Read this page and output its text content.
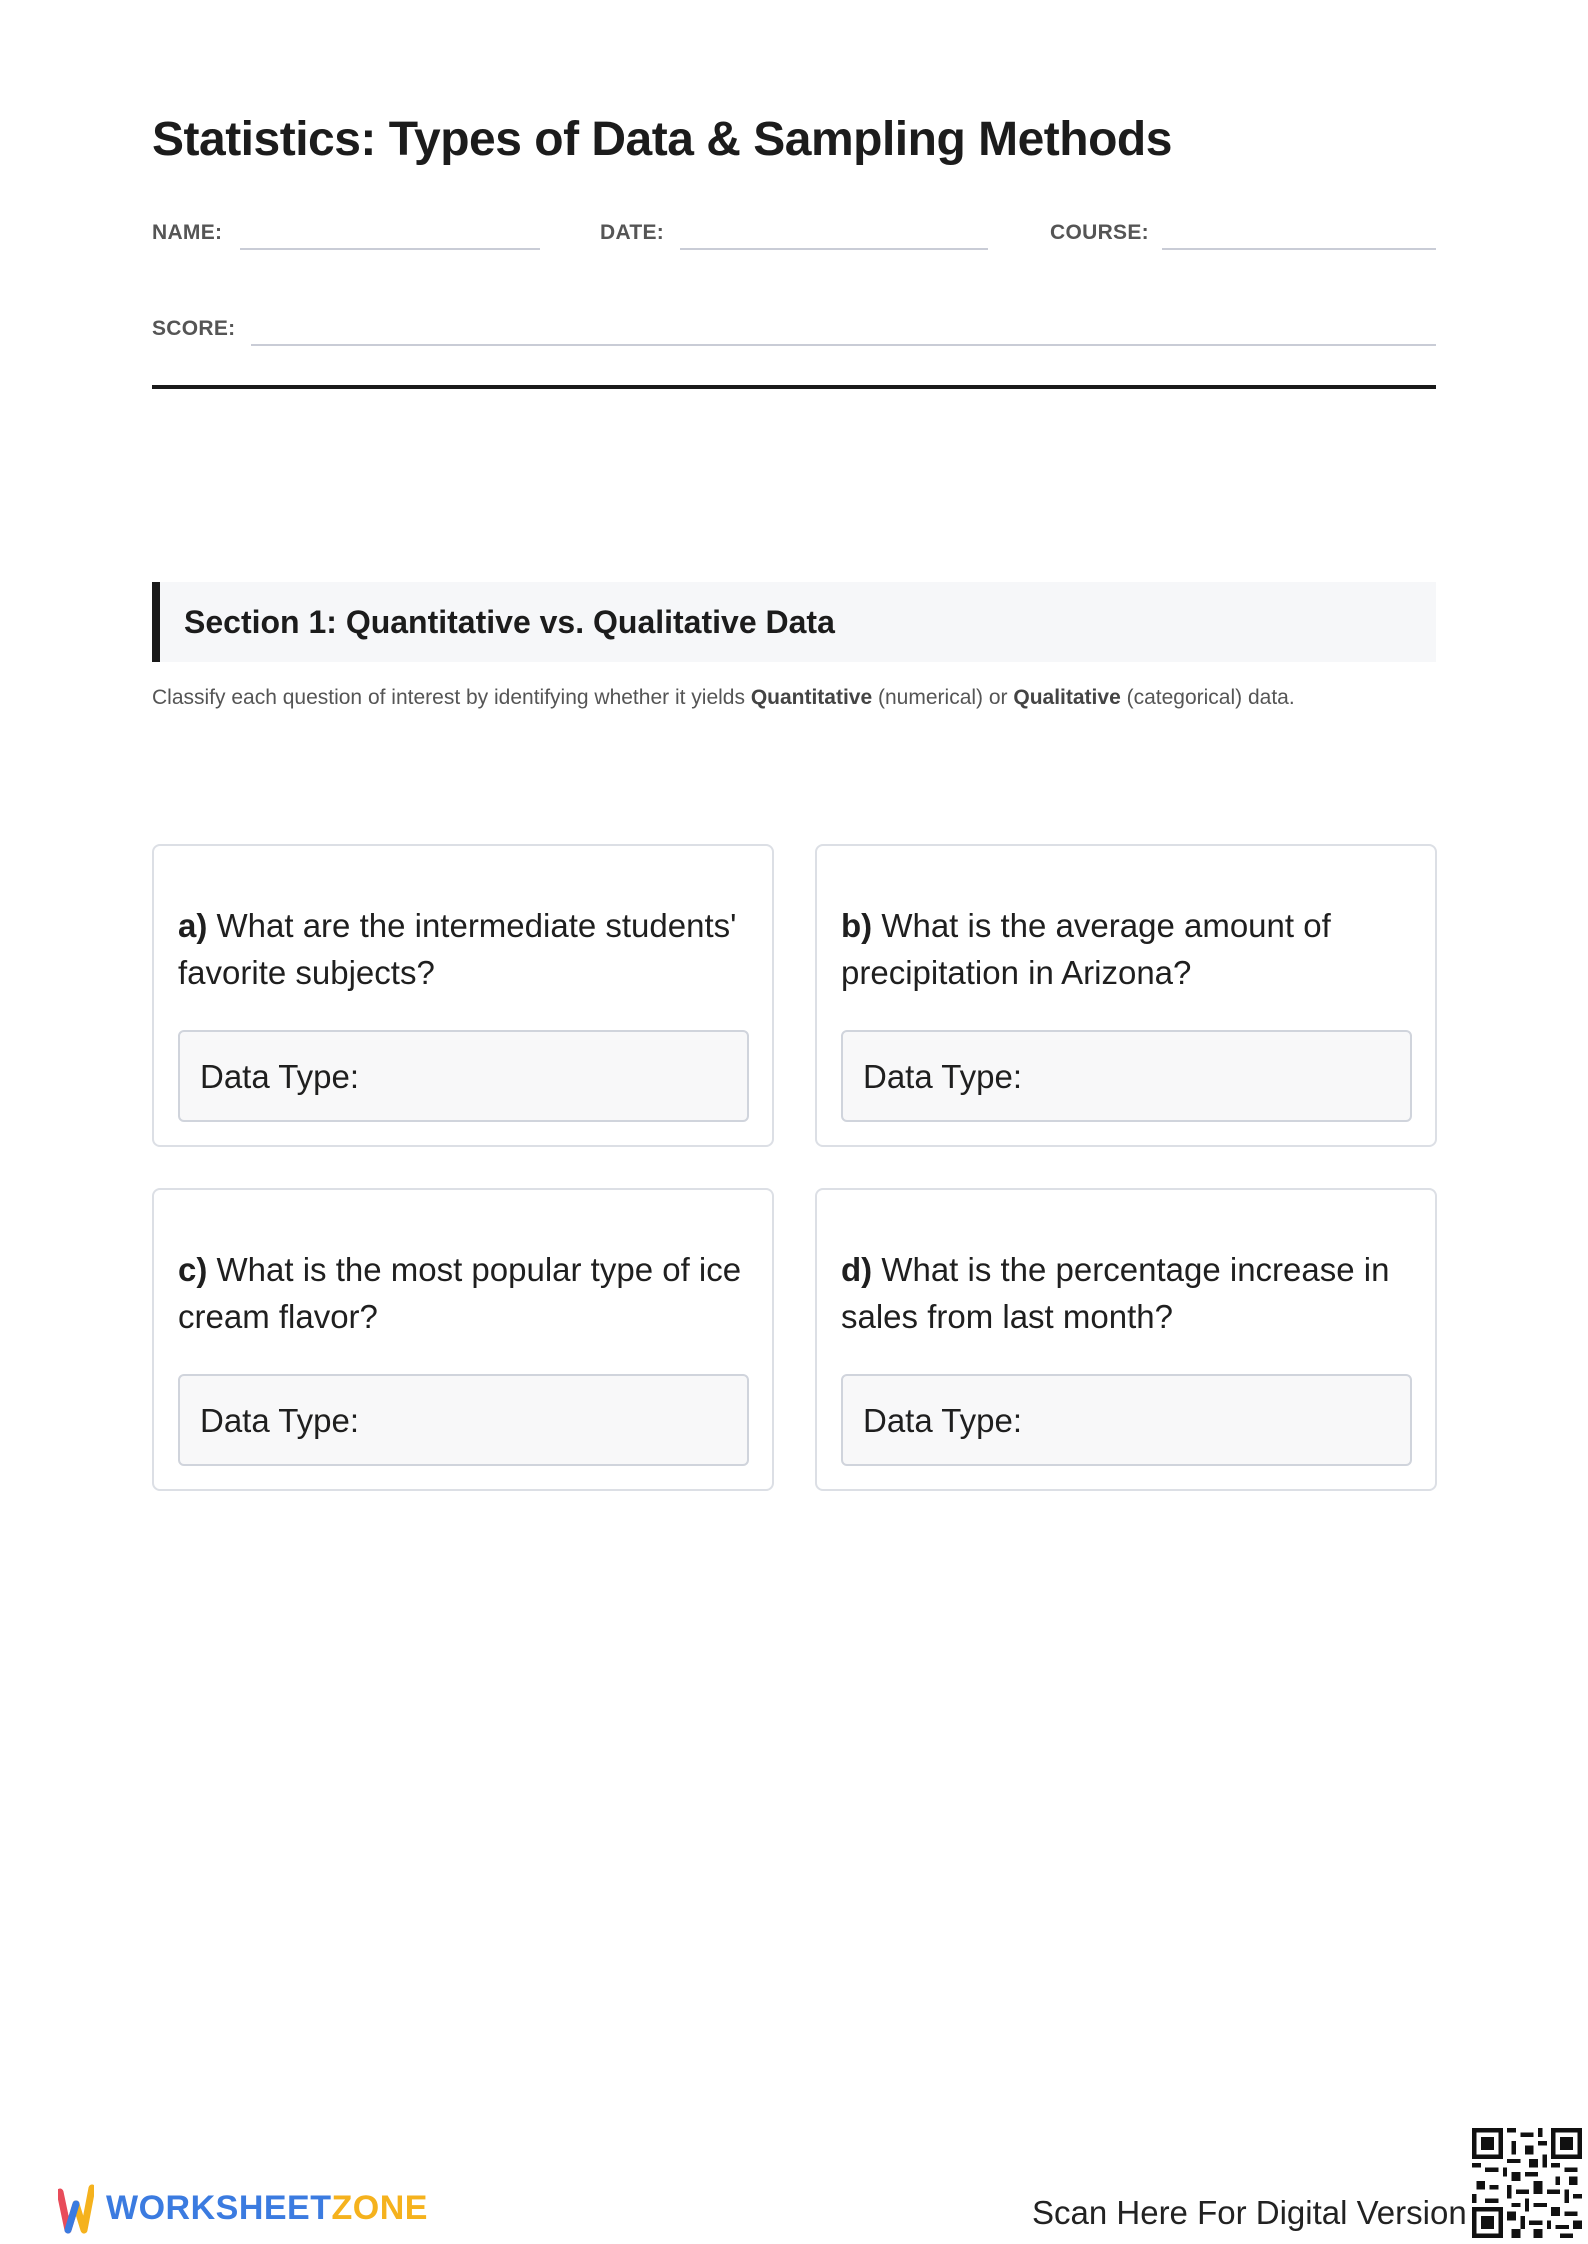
Statistics: Types of Data & Sampling Methods
NAME:	DATE:	COURSE:
SCORE:
Section 1: Quantitative vs. Qualitative Data
Classify each question of interest by identifying whether it yields Quantitative (numerical) or Qualitative (categorical) data.
a) What are the intermediate students' favorite subjects?
Data Type:
b) What is the average amount of precipitation in Arizona?
Data Type:
c) What is the most popular type of ice cream flavor?
Data Type:
d) What is the percentage increase in sales from last month?
Data Type:
WORKSHEETZONE	Scan Here For Digital Version
